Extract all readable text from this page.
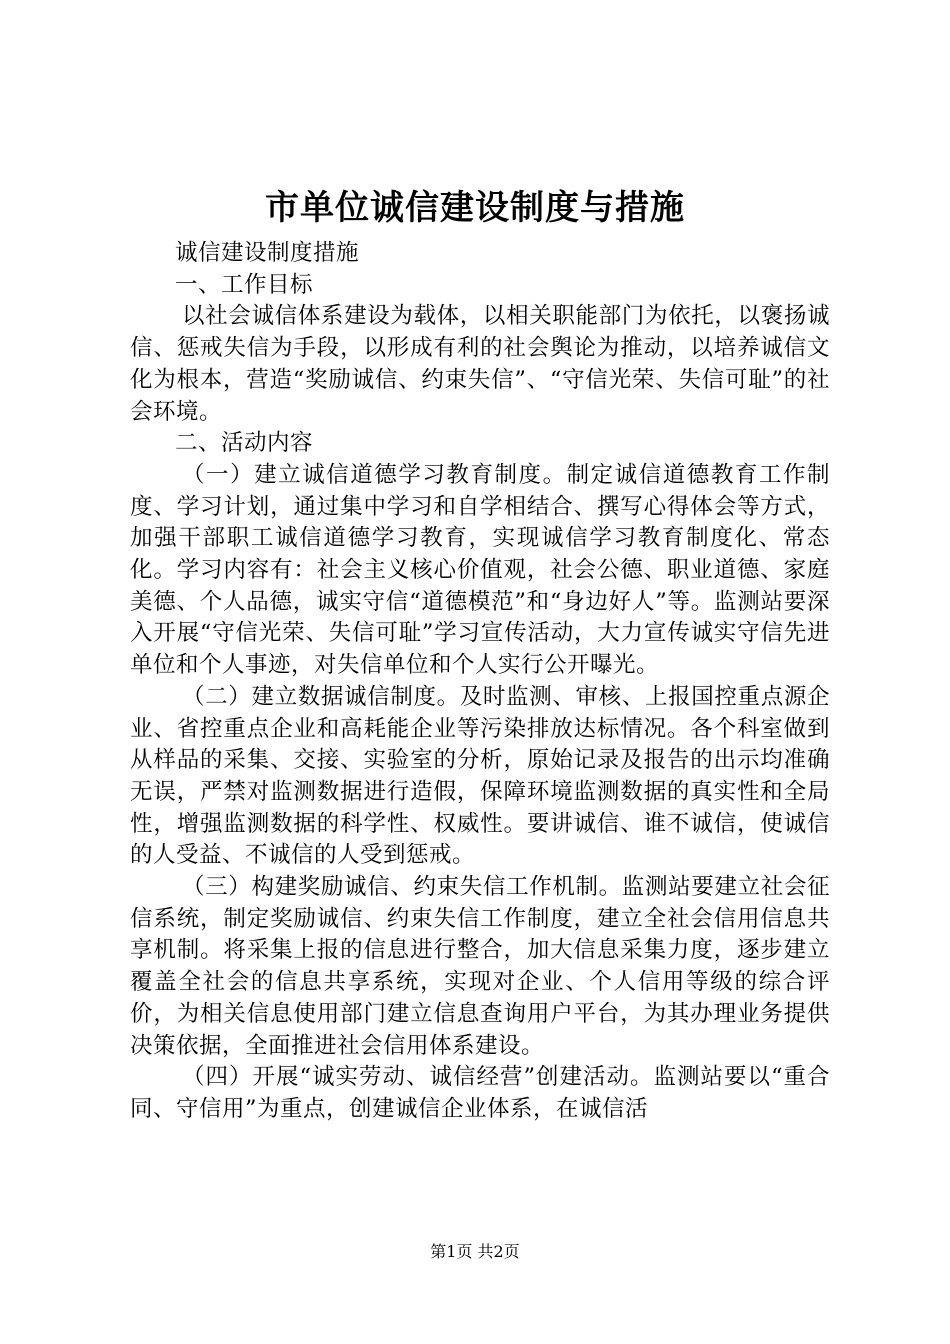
市单位诚信建设制度与措施

诚信建设制度措施

一、工作目标

以社会诚信体系建设为载体，以相关职能部门为依托，以褒扬诚信、惩戒失信为手段，以形成有利的社会舆论为推动，以培养诚信文化为根本，营造“奖励诚信、约束失信”、“守信光荣、失信可耻”的社会环境。

二、活动内容

（一）建立诚信道德学习教育制度。制定诚信道德教育工作制度、学习计划，通过集中学习和自学相结合、撰写心得体会等方式，加强干部职工诚信道德学习教育，实现诚信学习教育制度化、常态化。学习内容有：社会主义核心价值观，社会公德、职业道德、家庭美德、个人品德，诚实守信“道德模范”和“身边好人”等。监测站要深入开展“守信光荣、失信可耻”学习宣传活动，大力宣传诚实守信先进单位和个人事迹，对失信单位和个人实行公开曝光。

（二）建立数据诚信制度。及时监测、审核、上报国控重点源企业、省控重点企业和高耗能企业等污染排放达标情况。各个科室做到从样品的采集、交接、实验室的分析，原始记录及报告的出示均准确无误，严禁对监测数据进行造假，保障环境监测数据的真实性和全局性，增强监测数据的科学性、权威性。要讲诚信、谁不诚信，使诚信的人受益、不诚信的人受到惩戒。

（三）构建奖励诚信、约束失信工作机制。监测站要建立社会征信系统，制定奖励诚信、约束失信工作制度，建立全社会信用信息共享机制。将采集上报的信息进行整合，加大信息采集力度，逐步建立覆盖全社会的信息共享系统，实现对企业、个人信用等级的综合评价，为相关信息使用部门建立信息查询用户平台，为其办理业务提供决策依据，全面推进社会信用体系建设。

（四）开展“诚实劳动、诚信经营”创建活动。监测站要以“重合同、守信用”为重点，创建诚信企业体系，在诚信活

第1页 共2页
